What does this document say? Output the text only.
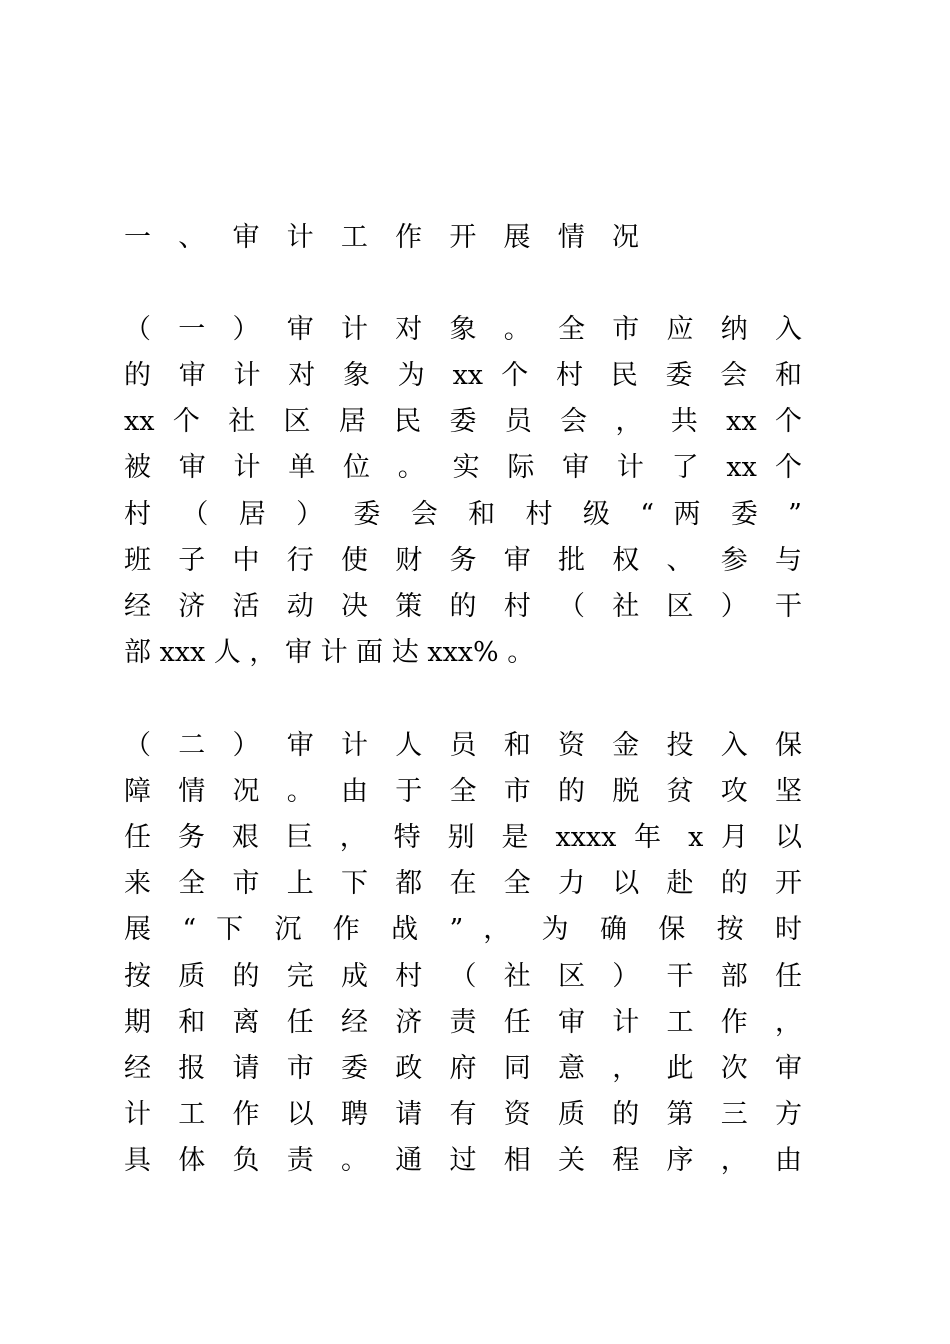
一 、 审 计 工 作 开 展 情 况
（ 一 ） 审 计 对 象 。 全 市 应 纳 入
的 审 计 对 象 为 xx 个 村 民 委 会 和
xx 个 社 区 居 民 委 员 会 ， 共 xx 个
被 审 计 单 位 。 实 际 审 计 了 xx 个
村 （ 居 ） 委 会 和 村 级 “ 两 委 ”
班 子 中 行 使 财 务 审 批 权 、 参 与
经 济 活 动 决 策 的 村 （ 社 区 ） 干
部 xxx 人 ， 审 计 面 达 xxx% 。
（ 二 ） 审 计 人 员 和 资 金 投 入 保
障 情 况 。 由 于 全 市 的 脱 贫 攻 坚
任 务 艰 巨 ， 特 别 是 xxxx 年 x 月 以
来 全 市 上 下 都 在 全 力 以 赴 的 开
展 “ 下 沉 作 战 ” ， 为 确 保 按 时
按 质 的 完 成 村 （ 社 区 ） 干 部 任
期 和 离 任 经 济 责 任 审 计 工 作 ，
经 报 请 市 委 政 府 同 意 ， 此 次 审
计 工 作 以 聘 请 有 资 质 的 第 三 方
具 体 负 责 。 通 过 相 关 程 序 ， 由
